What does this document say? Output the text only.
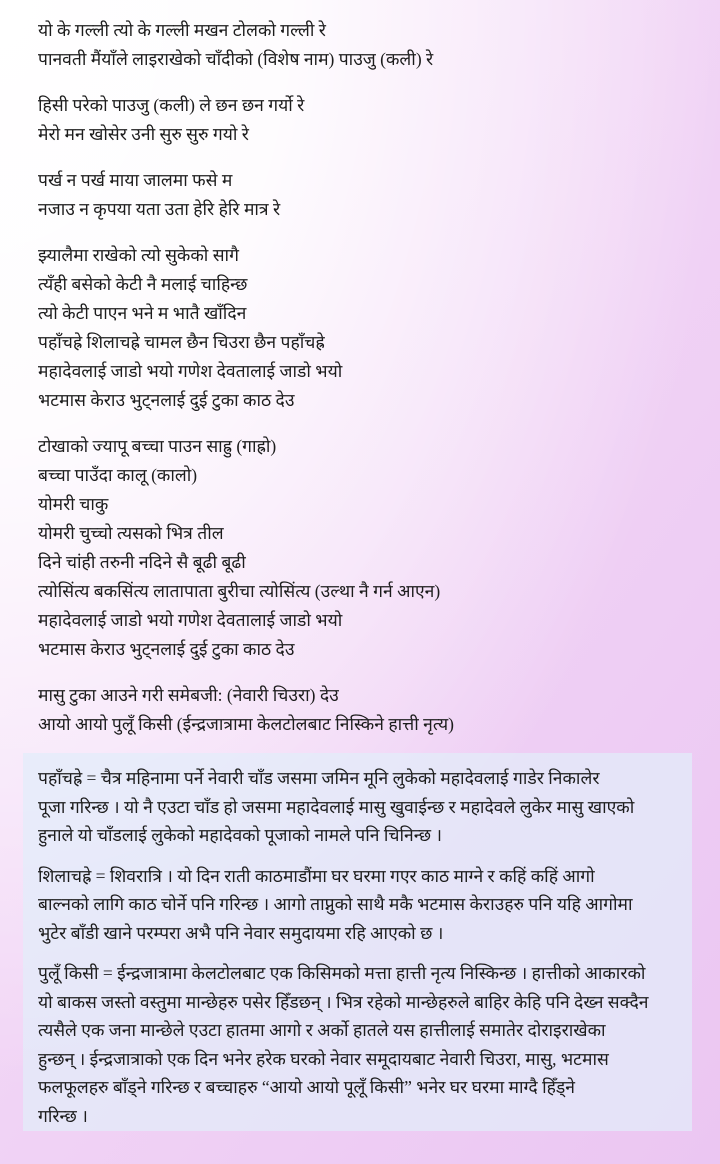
यो के गल्ली त्यो के गल्ली मखन टोलको गल्ली रे
पानवती मैंयाँले लाइराखेको चाँदीको (विशेष नाम) पाउजु (कली) रे
हिसी परेको पाउजु (कली) ले छन छन गर्यो रे
मेरो मन खोसेर उनी सुरु सुरु गयो रे
पर्ख न पर्ख माया जालमा फसे म
नजाउ न कृपया यता उता हेरि हेरि मात्र रे
झ्यालैमा राखेको त्यो सुकेको सागै
त्यँही बसेको केटी नै मलाई चाहिन्छ
त्यो केटी पाएन भने म भातै खाँदिन
पहाँचह्रे शिलाचह्रे चामल छैन चिउरा छैन पहाँचह्रे
महादेवलाई जाडो भयो गणेश देवतालाई जाडो भयो
भटमास केराउ भुट्नलाई दुई टुका काठ देउ
टोखाको ज्यापू बच्चा पाउन साह्रु (गाह्रो)
बच्चा पाउँदा कालू (कालो)
योमरी चाकु
योमरी चुच्चो त्यसको भित्र तील
दिने चांही तरुनी नदिने सै बूढी बूढी
त्योसिंत्य बकसिंत्य लातापाता बुरीचा त्योसिंत्य (उल्था नै गर्न आएन)
महादेवलाई जाडो भयो गणेश देवतालाई जाडो भयो
भटमास केराउ भुट्नलाई दुई टुका काठ देउ
मासु टुका आउने गरी समेबजी: (नेवारी चिउरा) देउ
आयो आयो पुलूँ किसी (ईन्द्रजात्रामा केलटोलबाट निस्किने हात्ती नृत्य)
पहाँचह्रे = चैत्र महिनामा पर्ने नेवारी चाँड जसमा जमिन मूनि लुकेको महादेवलाई गाडेर निकालेर
पूजा गरिन्छ । यो नै एउटा चाँड हो जसमा महादेवलाई मासु खुवाईन्छ र महादेवले लुकेर मासु खाएको
हुनाले यो चाँडलाई लुकेको महादेवको पूजाको नामले पनि चिनिन्छ ।
शिलाचह्रे = शिवरात्रि । यो दिन राती काठमाडौंमा घर घरमा गएर काठ माग्ने र कहिं कहिं आगो
बाल्नको लागि काठ चोर्ने पनि गरिन्छ । आगो ताप्नुको साथै मकै भटमास केराउहरु पनि यहि आगोमा
भुटेर बाँडी खाने परम्परा अभै पनि नेवार समुदायमा रहि आएको छ ।
पुलूँ किसी = ईन्द्रजात्रामा केलटोलबाट एक किसिमको मत्ता हात्ती नृत्य निस्किन्छ । हात्तीको आकारको
यो बाकस जस्तो वस्तुमा मान्छेहरु पसेर हिँडछन् । भित्र रहेको मान्छेहरुले बाहिर केहि पनि देख्न सक्दैन
त्यसैले एक जना मान्छेले एउटा हातमा आगो र अर्को हातले यस हात्तीलाई समातेर दोराइराखेका
हुन्छन् । ईन्द्रजात्राको एक दिन भनेर हरेक घरको नेवार समूदायबाट नेवारी चिउरा, मासु, भटमास
फलफूलहरु बाँड्ने गरिन्छ र बच्चाहरु “आयो आयो पूलूँ किसी” भनेर घर घरमा माग्दै हिँड्ने
गरिन्छ ।
